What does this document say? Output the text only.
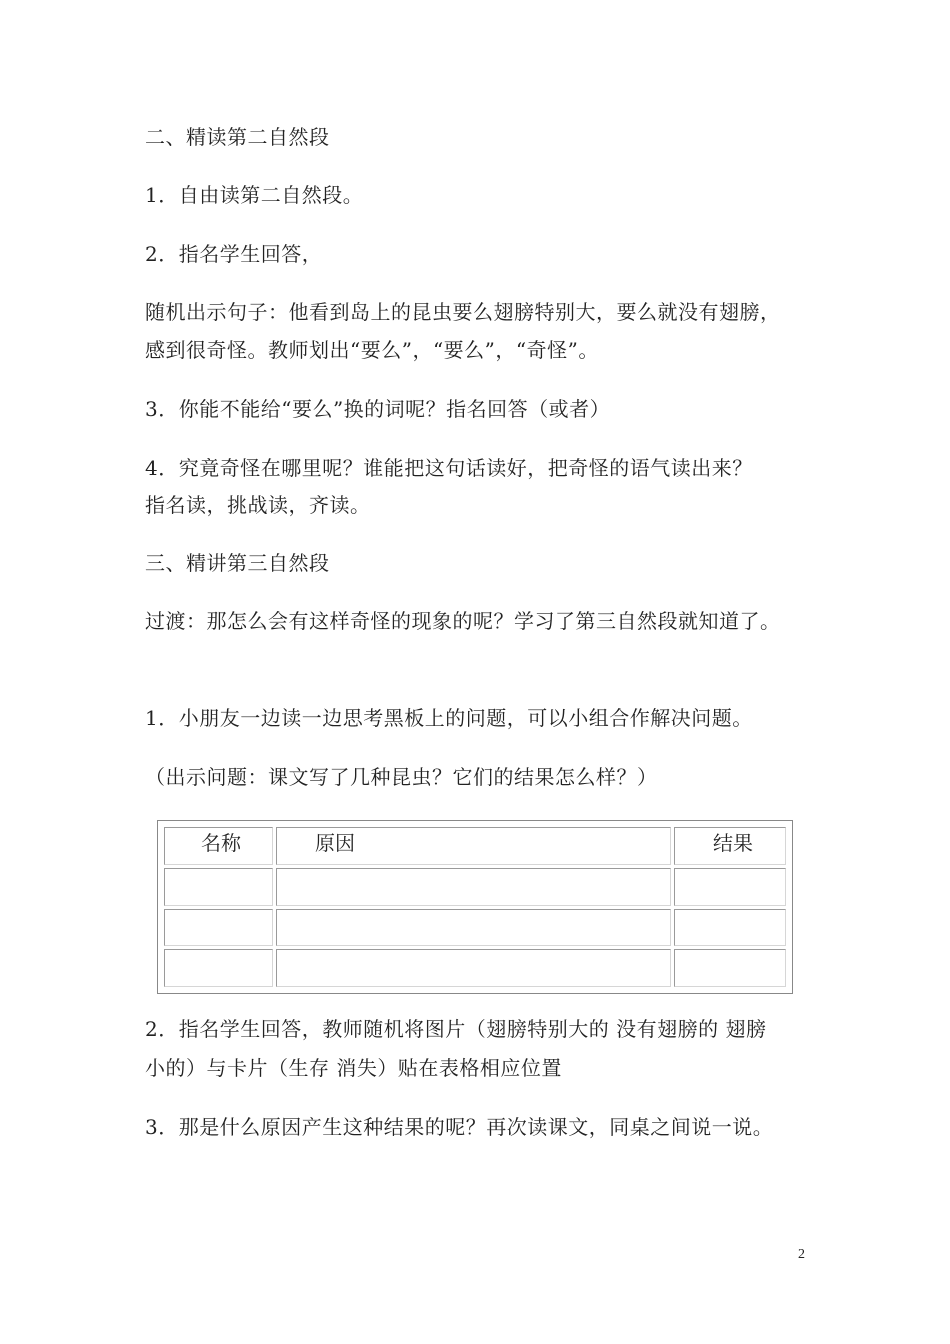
二、精读第二自然段

1．自由读第二自然段。

2．指名学生回答，

随机出示句子：他看到岛上的昆虫要么翅膀特别大，要么就没有翅膀，

感到很奇怪。教师划出“要么”，“要么”，“奇怪”。

3．你能不能给“要么”换的词呢？指名回答（或者）

4．究竟奇怪在哪里呢？谁能把这句话读好，把奇怪的语气读出来？

指名读，挑战读，齐读。

三、精讲第三自然段

过渡：那怎么会有这样奇怪的现象的呢？学习了第三自然段就知道了。

1．小朋友一边读一边思考黑板上的问题，可以小组合作解决问题。

（出示问题：课文写了几种昆虫？它们的结果怎么样？）

名称	原因	结果

2．指名学生回答，教师随机将图片（翅膀特别大的 没有翅膀的 翅膀

小的）与卡片（生存 消失）贴在表格相应位置

3．那是什么原因产生这种结果的呢？再次读课文，同桌之间说一说。

2
